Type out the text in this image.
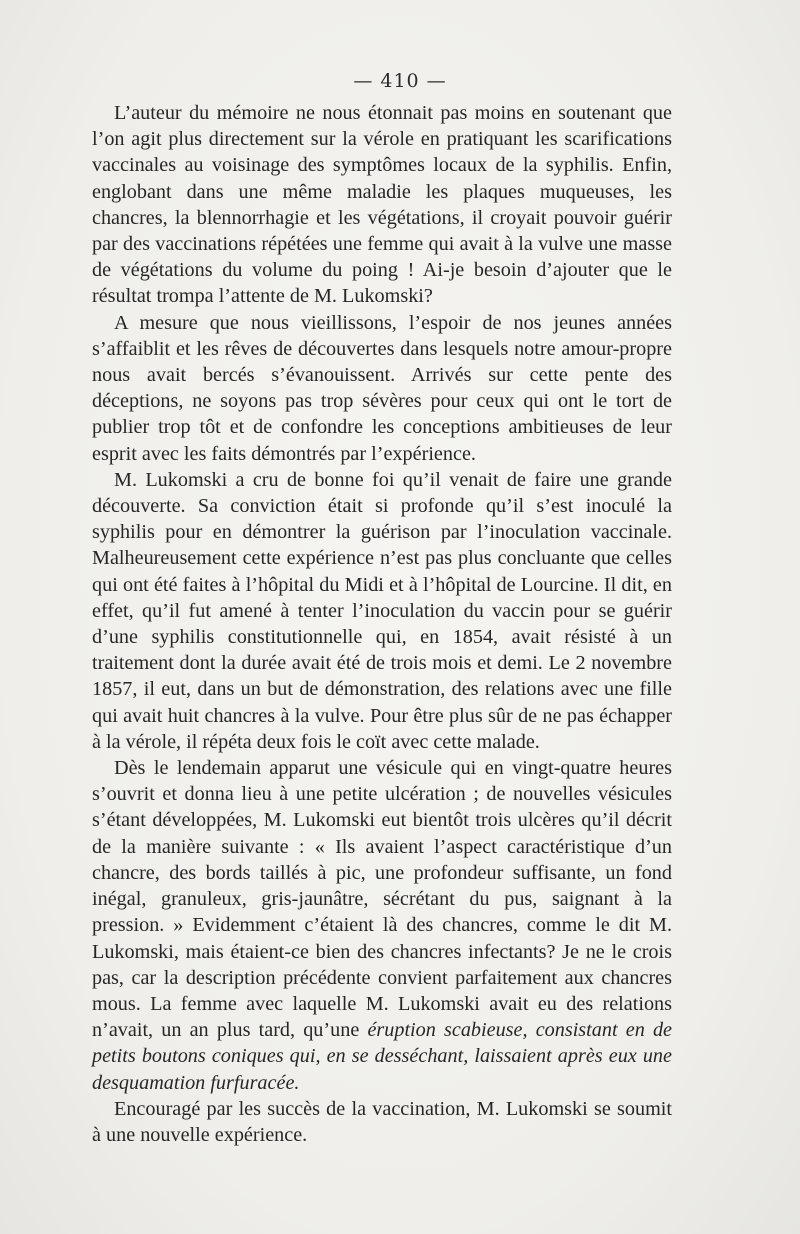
— 410 —

L’auteur du mémoire ne nous étonnait pas moins en soutenant que l’on agit plus directement sur la vérole en pratiquant les scarifications vaccinales au voisinage des symptômes locaux de la syphilis. Enfin, englobant dans une même maladie les plaques muqueuses, les chancres, la blennorrhagie et les végétations, il croyait pouvoir guérir par des vaccinations répétées une femme qui avait à la vulve une masse de végétations du volume du poing ! Ai-je besoin d’ajouter que le résultat trompa l’attente de M. Lukomski?

A mesure que nous vieillissons, l’espoir de nos jeunes années s’affaiblit et les rêves de découvertes dans lesquels notre amour-propre nous avait bercés s’évanouissent. Arrivés sur cette pente des déceptions, ne soyons pas trop sévères pour ceux qui ont le tort de publier trop tôt et de confondre les conceptions ambitieuses de leur esprit avec les faits démontrés par l’expérience.

M. Lukomski a cru de bonne foi qu’il venait de faire une grande découverte. Sa conviction était si profonde qu’il s’est inoculé la syphilis pour en démontrer la guérison par l’inoculation vaccinale. Malheureusement cette expérience n’est pas plus concluante que celles qui ont été faites à l’hôpital du Midi et à l’hôpital de Lourcine. Il dit, en effet, qu’il fut amené à tenter l’inoculation du vaccin pour se guérir d’une syphilis constitutionnelle qui, en 1854, avait résisté à un traitement dont la durée avait été de trois mois et demi. Le 2 novembre 1857, il eut, dans un but de démonstration, des relations avec une fille qui avait huit chancres à la vulve. Pour être plus sûr de ne pas échapper à la vérole, il répéta deux fois le coït avec cette malade.

Dès le lendemain apparut une vésicule qui en vingt-quatre heures s’ouvrit et donna lieu à une petite ulcération ; de nouvelles vésicules s’étant développées, M. Lukomski eut bientôt trois ulcères qu’il décrit de la manière suivante : « Ils avaient l’aspect caractéristique d’un chancre, des bords taillés à pic, une profondeur suffisante, un fond inégal, granuleux, gris-jaunâtre, sécrétant du pus, saignant à la pression. » Evidemment c’étaient là des chancres, comme le dit M. Lukomski, mais étaient-ce bien des chancres infectants? Je ne le crois pas, car la description précédente convient parfaitement aux chancres mous. La femme avec laquelle M. Lukomski avait eu des relations n’avait, un an plus tard, qu’une éruption scabieuse, consistant en de petits boutons coniques qui, en se desséchant, laissaient après eux une desquamation furfuracée.

Encouragé par les succès de la vaccination, M. Lukomski se soumit à une nouvelle expérience.
